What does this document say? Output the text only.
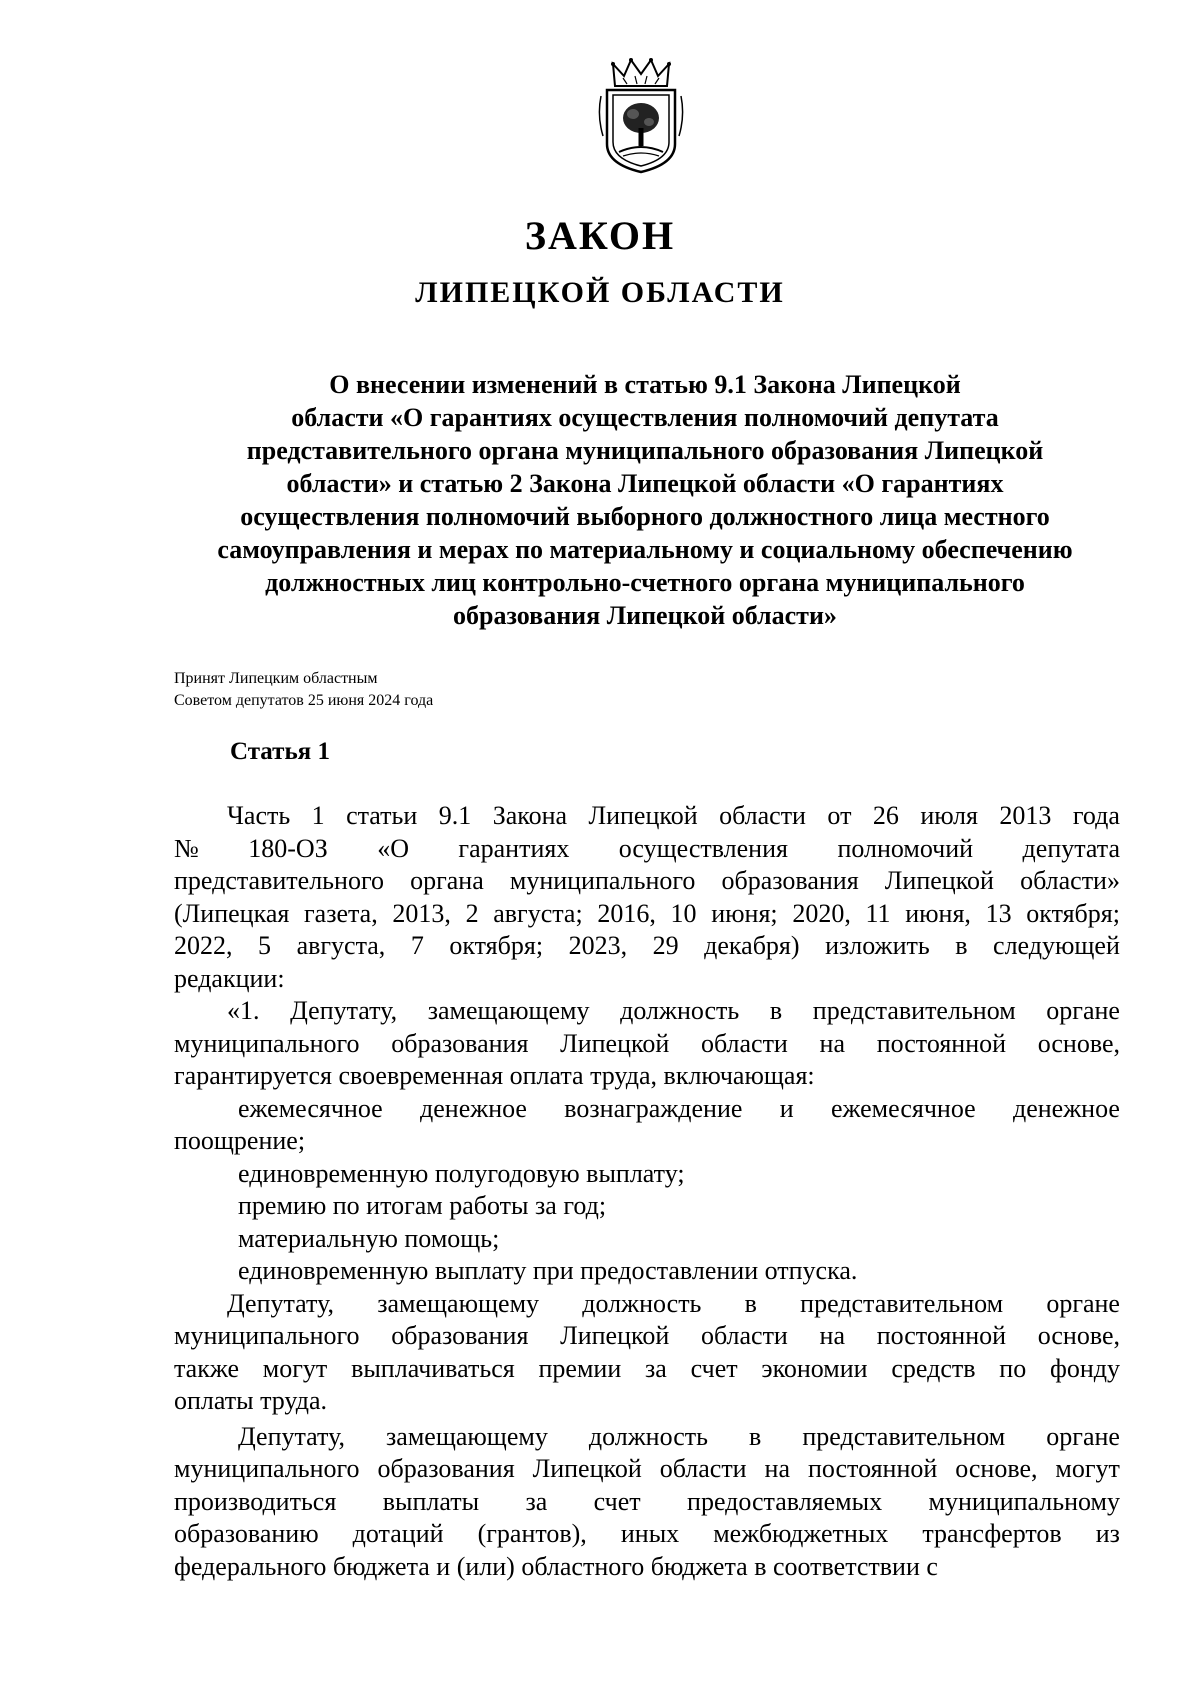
ЗАКОН
ЛИПЕЦКОЙ ОБЛАСТИ
О внесении изменений в статью 9.1 Закона Липецкой
области «О гарантиях осуществления полномочий депутата
представительного органа муниципального образования Липецкой
области» и статью 2 Закона Липецкой области «О гарантиях
осуществления полномочий выборного должностного лица местного
самоуправления и мерах по материальному и социальному обеспечению
должностных лиц контрольно-счетного органа муниципального
образования Липецкой области»
Принят Липецким областным
Советом депутатов 25 июня 2024 года
Статья 1
Часть 1 статьи 9.1 Закона Липецкой области от 26 июля 2013 года
№ 180-ОЗ «О гарантиях осуществления полномочий депутата
представительного органа муниципального образования Липецкой области»
(Липецкая газета, 2013, 2 августа; 2016, 10 июня; 2020, 11 июня, 13 октября;
2022, 5 августа, 7 октября; 2023, 29 декабря) изложить в следующей
редакции:
«1. Депутату, замещающему должность в представительном органе
муниципального образования Липецкой области на постоянной основе,
гарантируется своевременная оплата труда, включающая:
ежемесячное денежное вознаграждение и ежемесячное денежное
поощрение;
единовременную полугодовую выплату;
премию по итогам работы за год;
материальную помощь;
единовременную выплату при предоставлении отпуска.
Депутату, замещающему должность в представительном органе
муниципального образования Липецкой области на постоянной основе,
также могут выплачиваться премии за счет экономии средств по фонду
оплаты труда.
Депутату, замещающему должность в представительном органе
муниципального образования Липецкой области на постоянной основе, могут
производиться выплаты за счет предоставляемых муниципальному
образованию дотаций (грантов), иных межбюджетных трансфертов из
федерального бюджета и (или) областного бюджета в соответствии с
